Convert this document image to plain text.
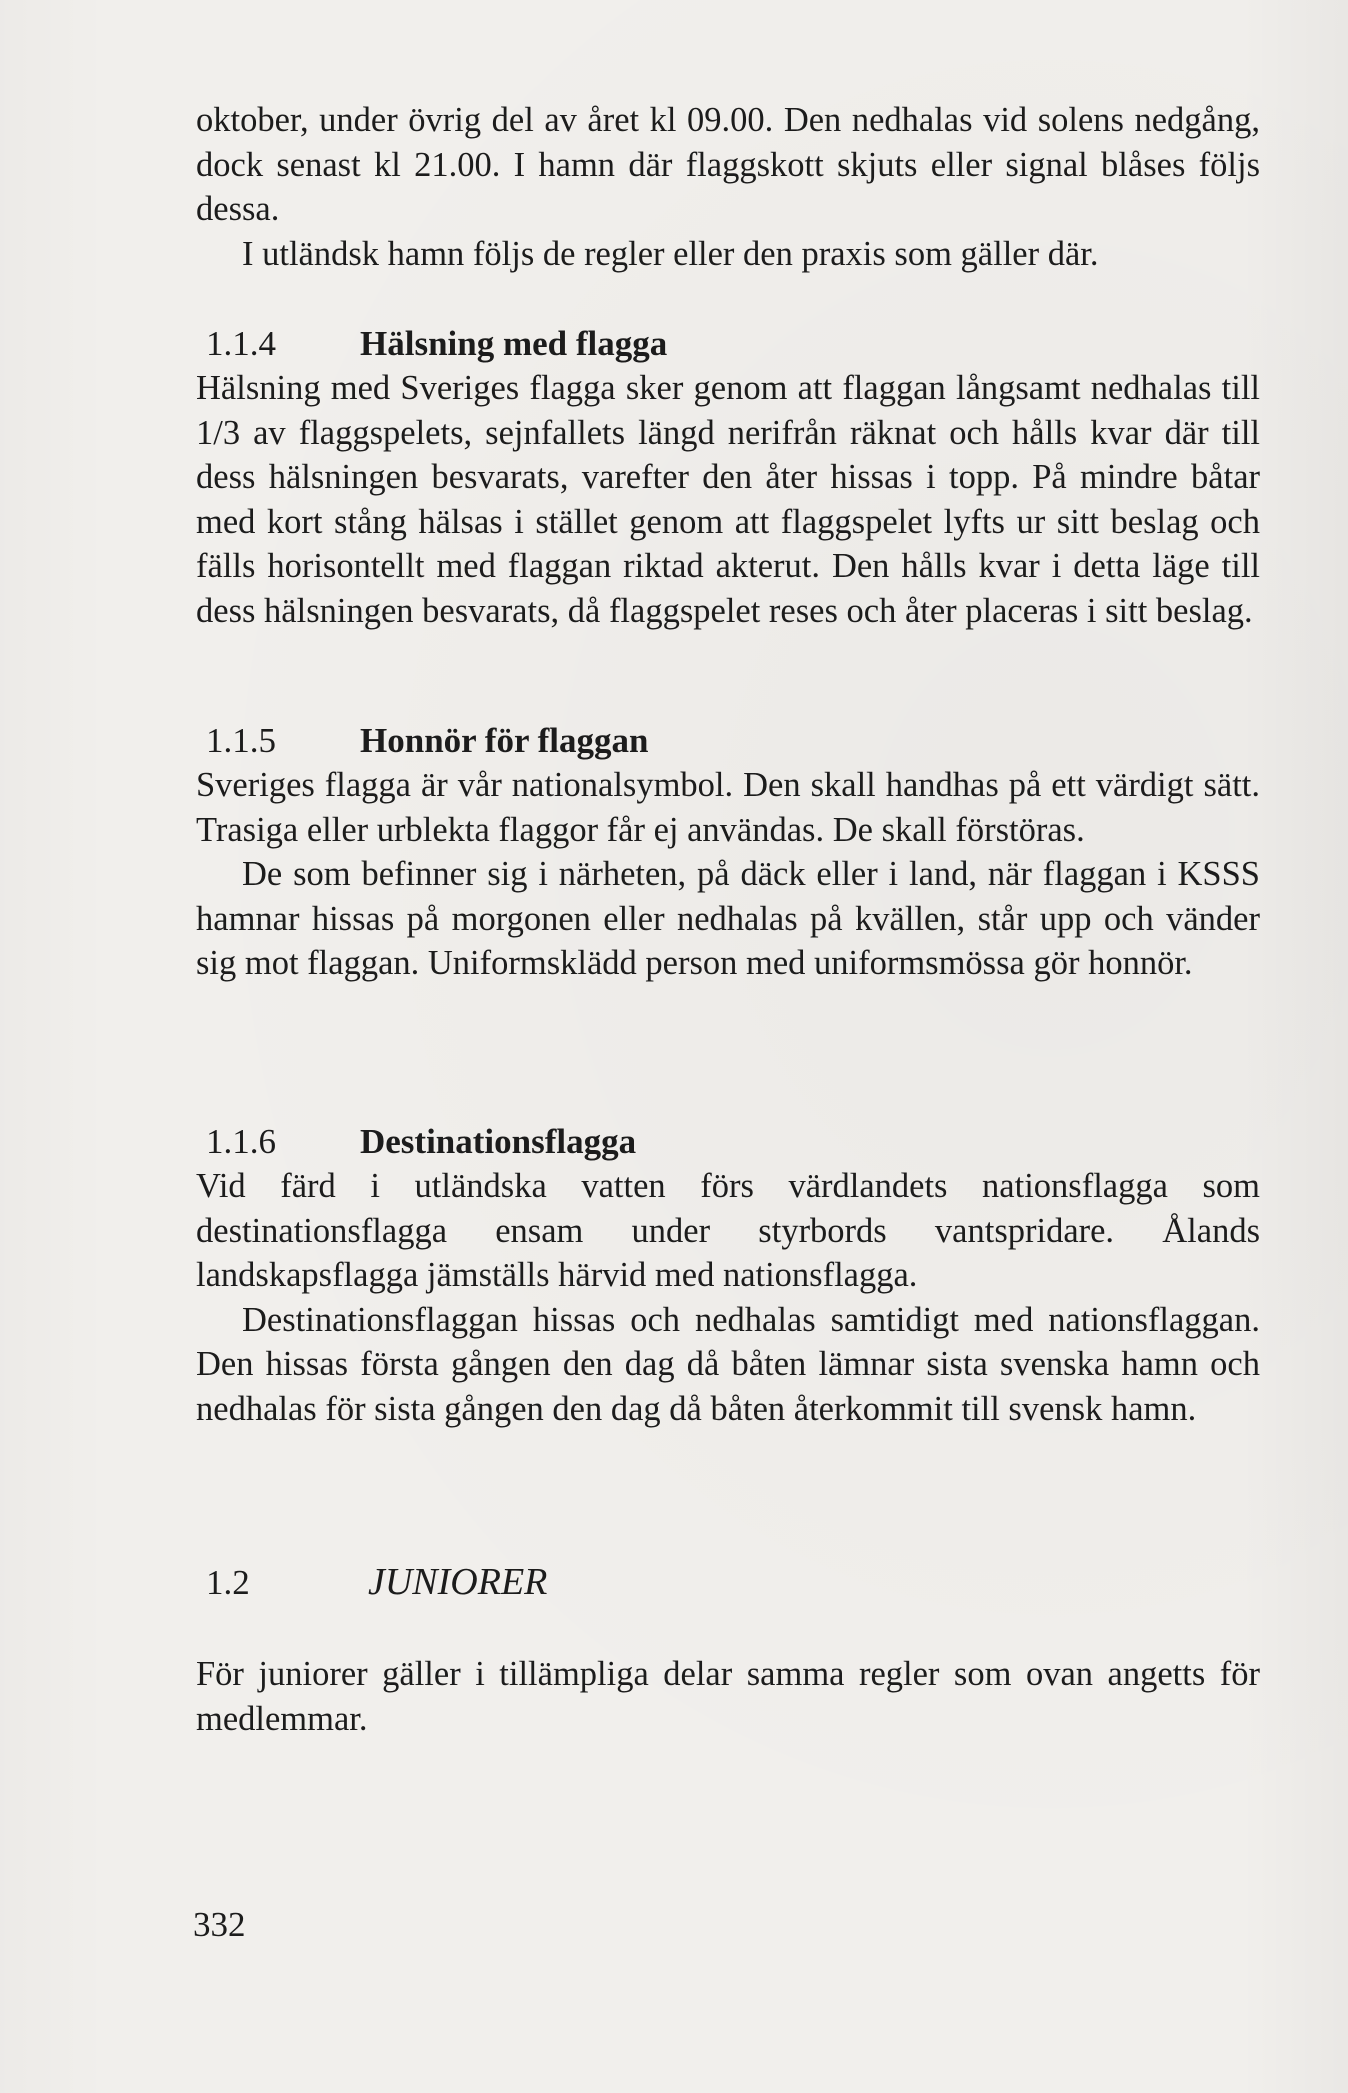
oktober, under övrig del av året kl 09.00. Den nedhalas vid solens nedgång, dock senast kl 21.00. I hamn där flaggskott skjuts eller signal blåses följs dessa.

I utländsk hamn följs de regler eller den praxis som gäller där.

1.1.4	Hälsning med flagga

Hälsning med Sveriges flagga sker genom att flaggan långsamt nedhalas till 1/3 av flaggspelets, sejnfallets längd nerifrån räknat och hålls kvar där till dess hälsningen besvarats, varefter den åter hissas i topp. På mindre båtar med kort stång hälsas i stället genom att flaggspelet lyfts ur sitt beslag och fälls horisontellt med flaggan riktad akterut. Den hålls kvar i detta läge till dess hälsningen besvarats, då flaggspelet reses och åter placeras i sitt beslag.

1.1.5	Honnör för flaggan

Sveriges flagga är vår nationalsymbol. Den skall handhas på ett värdigt sätt. Trasiga eller urblekta flaggor får ej användas. De skall förstöras.

De som befinner sig i närheten, på däck eller i land, när flaggan i KSSS hamnar hissas på morgonen eller nedhalas på kvällen, står upp och vänder sig mot flaggan. Uniformsklädd person med uniformsmössa gör honnör.

1.1.6	Destinationsflagga

Vid färd i utländska vatten förs värdlandets nationsflagga som destinationsflagga ensam under styrbords vantspridare. Ålands landskapsflagga jämställs härvid med nationsflagga.

Destinationsflaggan hissas och nedhalas samtidigt med nationsflaggan. Den hissas första gången den dag då båten lämnar sista svenska hamn och nedhalas för sista gången den dag då båten återkommit till svensk hamn.

1.2	JUNIORER

För juniorer gäller i tillämpliga delar samma regler som ovan angetts för medlemmar.

332
